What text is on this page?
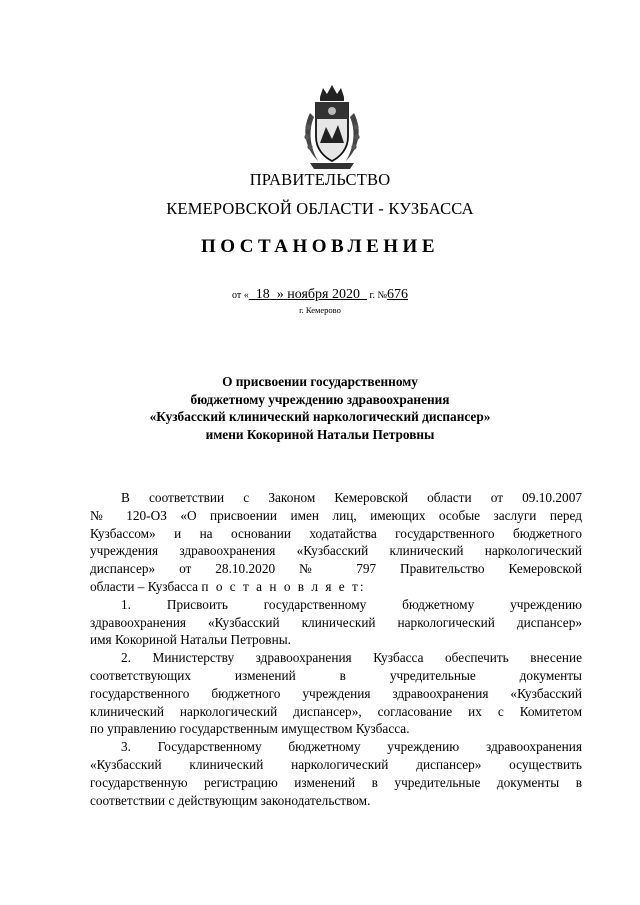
ПРАВИТЕЛЬСТВО
КЕМЕРОВСКОЙ ОБЛАСТИ - КУЗБАССА
ПОСТАНОВЛЕНИЕ
от « 18 » ноября 2020 г. №676
г. Кемерово
О присвоении государственному
бюджетному учреждению здравоохранения
«Кузбасский клинический наркологический диспансер»
имени Кокориной Натальи Петровны
В соответствии с Законом Кемеровской области от 09.10.2007
№ 120-ОЗ «О присвоении имен лиц, имеющих особые заслуги перед
Кузбассом» и на основании ходатайства государственного бюджетного
учреждения здравоохранения «Кузбасский клинический наркологический
диспансер» от 28.10.2020 № 797 Правительство Кемеровской
области – Кузбасса п о с т а н о в л я е т:
1. Присвоить государственному бюджетному учреждению
здравоохранения «Кузбасский клинический наркологический диспансер»
имя Кокориной Натальи Петровны.
2. Министерству здравоохранения Кузбасса обеспечить внесение
соответствующих изменений в учредительные документы
государственного бюджетного учреждения здравоохранения «Кузбасский
клинический наркологический диспансер», согласование их с Комитетом
по управлению государственным имуществом Кузбасса.
3. Государственному бюджетному учреждению здравоохранения
«Кузбасский клинический наркологический диспансер» осуществить
государственную регистрацию изменений в учредительные документы в
соответствии с действующим законодательством.
